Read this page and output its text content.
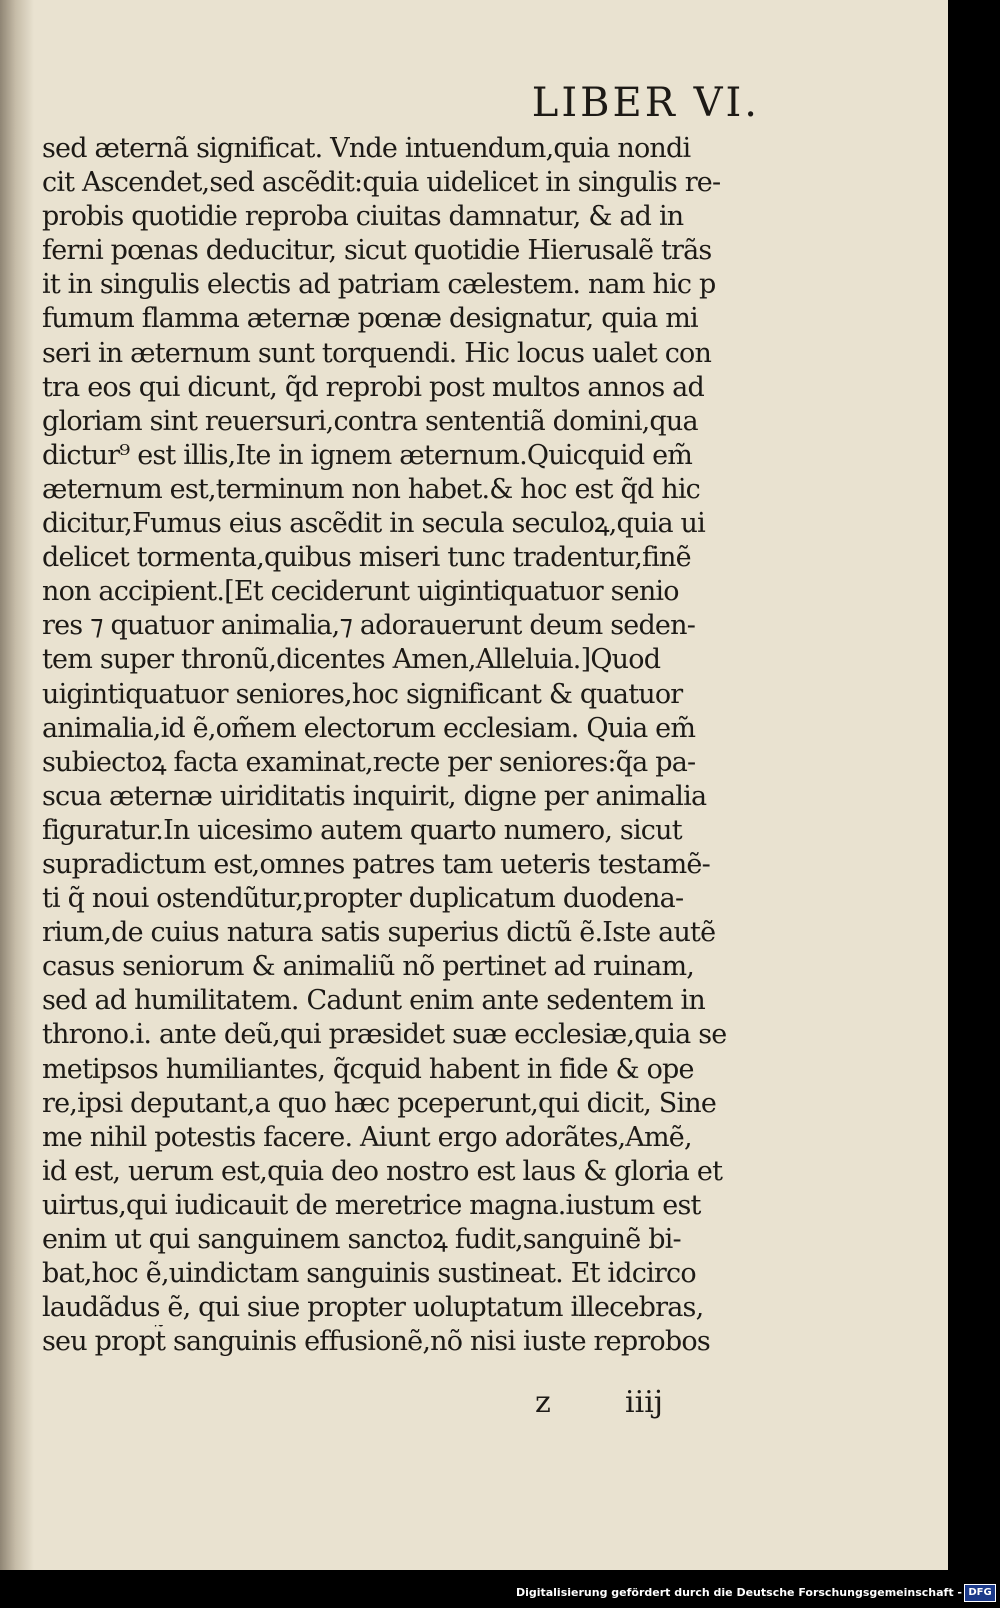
LIBER VI.
sed æternã significat. Vnde intuendum,quia nondi
cit Ascendet,sed ascẽdit:quia uidelicet in singulis re-
probis quotidie reproba ciuitas damnatur, & ad in
ferni pœnas deducitur, sicut quotidie Hierusalẽ trãs
it in singulis electis ad patriam cælestem. nam hic p
fumum flamma æternæ pœnæ designatur, quia mi
seri in æternum sunt torquendi. Hic locus ualet con
tra eos qui dicunt, q̃d reprobi post multos annos ad
gloriam sint reuersuri,contra sententiã domini,qua
dictur⁹ est illis,Ite in ignem æternum.Quicquid em̃
æternum est,terminum non habet.& hoc est q̃d hic
dicitur,Fumus eius ascẽdit in secula seculoꝝ,quia ui
delicet tormenta,quibus miseri tunc tradentur,finẽ
non accipient.[Et ceciderunt uigintiquatuor senio
res ⁊ quatuor animalia,⁊ adorauerunt deum seden-
tem super thronũ,dicentes Amen,Alleluia.]Quod
uigintiquatuor seniores,hoc significant & quatuor
animalia,id ẽ,om̃em electorum ecclesiam. Quia em̃
subiectoꝝ facta examinat,recte per seniores:q̃a pa-
scua æternæ uiriditatis inquirit, digne per animalia
figuratur.In uicesimo autem quarto numero, sicut
supradictum est,omnes patres tam ueteris testamẽ-
ti q̃ noui ostendũtur,propter duplicatum duodena-
rium,de cuius natura satis superius dictũ ẽ.Iste autẽ
casus seniorum & animaliũ nõ pertinet ad ruinam,
sed ad humilitatem. Cadunt enim ante sedentem in
throno.i. ante deũ,qui præsidet suæ ecclesiæ,quia se
metipsos humiliantes, q̃cquid habent in fide & ope
re,ipsi deputant,a quo hæc pceperunt,qui dicit, Sine
me nihil potestis facere. Aiunt ergo adorãtes,Amẽ,
id est, uerum est,quia deo nostro est laus & gloria et
uirtus,qui iudicauit de meretrice magna.iustum est
enim ut qui sanguinem sanctoꝝ fudit,sanguinẽ bi-
bat,hoc ẽ,uindictam sanguinis sustineat. Et idcirco
laudãdus ẽ, qui siue propter uoluptatum illecebras,
seu propt̃ sanguinis effusionẽ,nõ nisi iuste reprobos
z iiij
Digitalisierung gefördert durch die Deutsche Forschungsgemeinschaft - DFG
